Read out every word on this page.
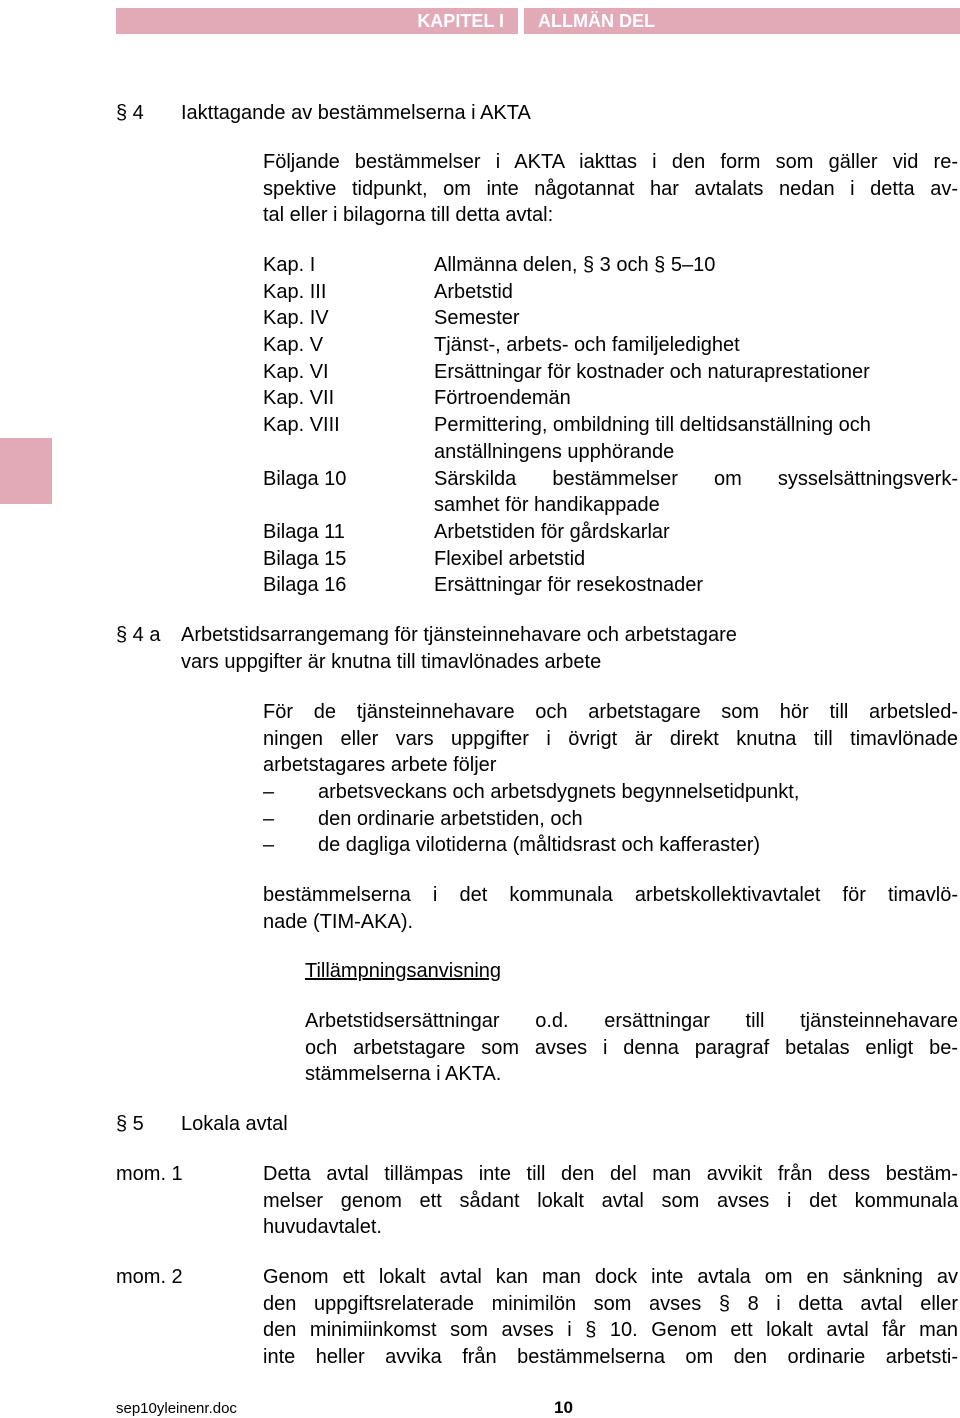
KAPITEL I	ALLMÄN DEL
§ 4 Iakttagande av bestämmelserna i AKTA
Följande bestämmelser i AKTA iakttas i den form som gäller vid re-
spektive tidpunkt, om inte någotannat har avtalats nedan i detta av-
tal eller i bilagorna till detta avtal:
Kap. I	Allmänna delen, § 3 och § 5–10
Kap. III	Arbetstid
Kap. IV	Semester
Kap. V	Tjänst-, arbets- och familjeledighet
Kap. VI	Ersättningar för kostnader och naturaprestationer
Kap. VII	Förtroendemän
Kap. VIII	Permittering, ombildning till deltidsanställning och
anställningens upphörande
Bilaga 10	Särskilda bestämmelser om sysselsättningsverk-
samhet för handikappade
Bilaga 11	Arbetstiden för gårdskarlar
Bilaga 15	Flexibel arbetstid
Bilaga 16	Ersättningar för resekostnader
§ 4 a Arbetstidsarrangemang för tjänsteinnehavare och arbetstagare
vars uppgifter är knutna till timavlönades arbete
För de tjänsteinnehavare och arbetstagare som hör till arbetsled-
ningen eller vars uppgifter i övrigt är direkt knutna till timavlönade
arbetstagares arbete följer
– arbetsveckans och arbetsdygnets begynnelsetidpunkt,
– den ordinarie arbetstiden, och
– de dagliga vilotiderna (måltidsrast och kafferaster)
bestämmelserna i det kommunala arbetskollektivavtalet för timavlö-
nade (TIM-AKA).
Tillämpningsanvisning
Arbetstidsersättningar o.d. ersättningar till tjänsteinnehavare
och arbetstagare som avses i denna paragraf betalas enligt be-
stämmelserna i AKTA.
§ 5 Lokala avtal
mom. 1	Detta avtal tillämpas inte till den del man avvikit från dess bestäm-
melser genom ett sådant lokalt avtal som avses i det kommunala
huvudavtalet.
mom. 2	Genom ett lokalt avtal kan man dock inte avtala om en sänkning av
den uppgiftsrelaterade minimilön som avses § 8 i detta avtal eller
den minimiinkomst som avses i § 10. Genom ett lokalt avtal får man
inte heller avvika från bestämmelserna om den ordinarie arbetsti-
sep10yleinenr.doc	10
